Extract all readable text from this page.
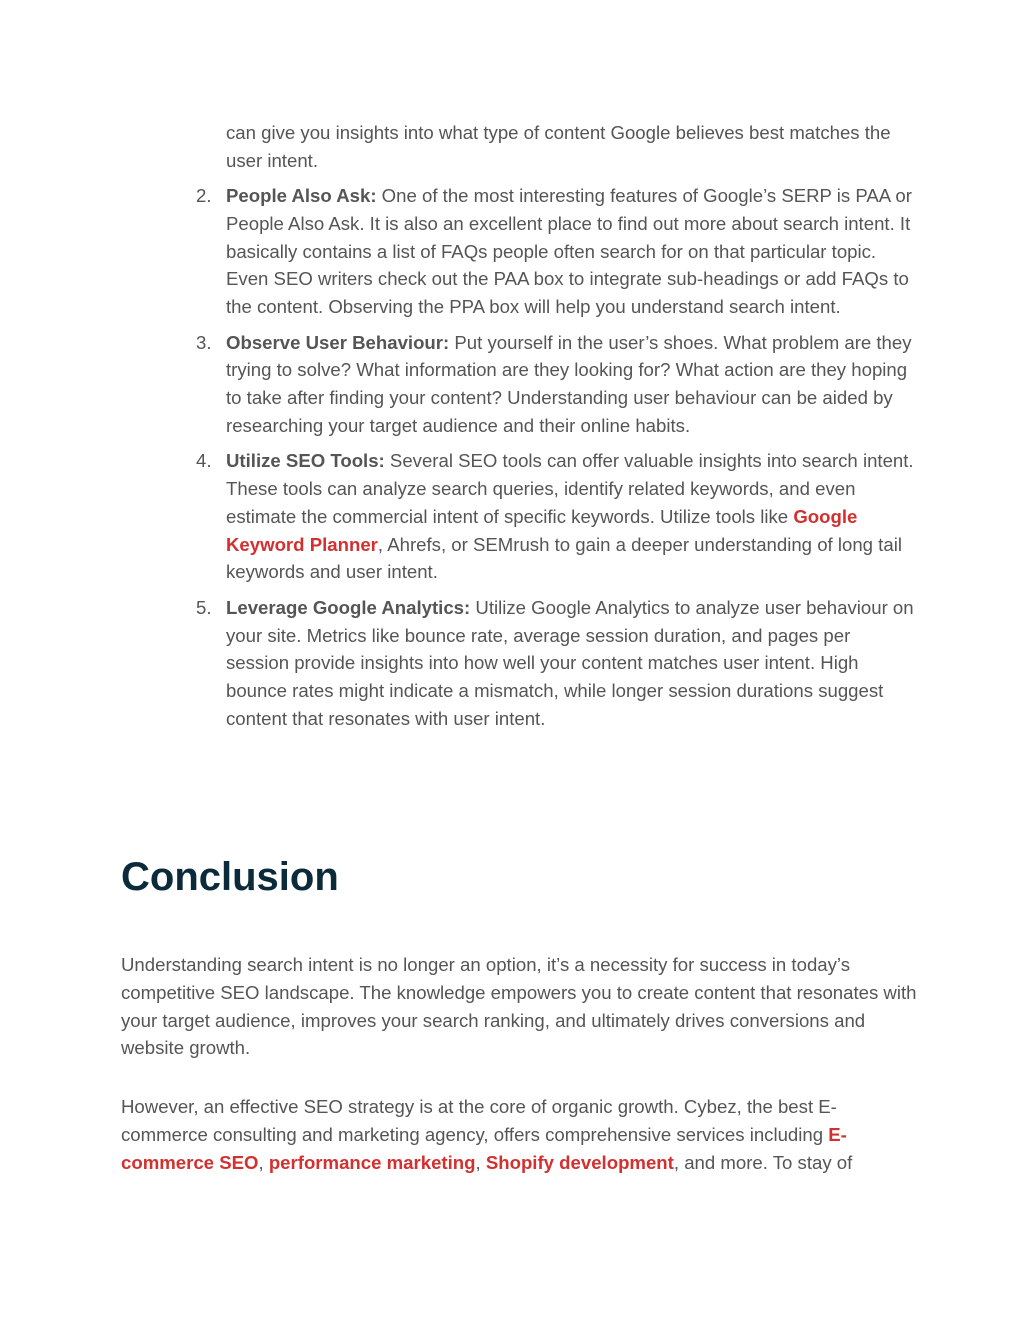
can give you insights into what type of content Google believes best matches the user intent.
2. People Also Ask: One of the most interesting features of Google’s SERP is PAA or People Also Ask. It is also an excellent place to find out more about search intent. It basically contains a list of FAQs people often search for on that particular topic. Even SEO writers check out the PAA box to integrate sub-headings or add FAQs to the content. Observing the PPA box will help you understand search intent.
3. Observe User Behaviour: Put yourself in the user’s shoes. What problem are they trying to solve? What information are they looking for? What action are they hoping to take after finding your content? Understanding user behaviour can be aided by researching your target audience and their online habits.
4. Utilize SEO Tools: Several SEO tools can offer valuable insights into search intent. These tools can analyze search queries, identify related keywords, and even estimate the commercial intent of specific keywords. Utilize tools like Google Keyword Planner, Ahrefs, or SEMrush to gain a deeper understanding of long tail keywords and user intent.
5. Leverage Google Analytics: Utilize Google Analytics to analyze user behaviour on your site. Metrics like bounce rate, average session duration, and pages per session provide insights into how well your content matches user intent. High bounce rates might indicate a mismatch, while longer session durations suggest content that resonates with user intent.
Conclusion

Understanding search intent is no longer an option, it’s a necessity for success in today’s competitive SEO landscape. The knowledge empowers you to create content that resonates with your target audience, improves your search ranking, and ultimately drives conversions and website growth.

However, an effective SEO strategy is at the core of organic growth. Cybez, the best E-commerce consulting and marketing agency, offers comprehensive services including E-commerce SEO, performance marketing, Shopify development, and more. To stay of
